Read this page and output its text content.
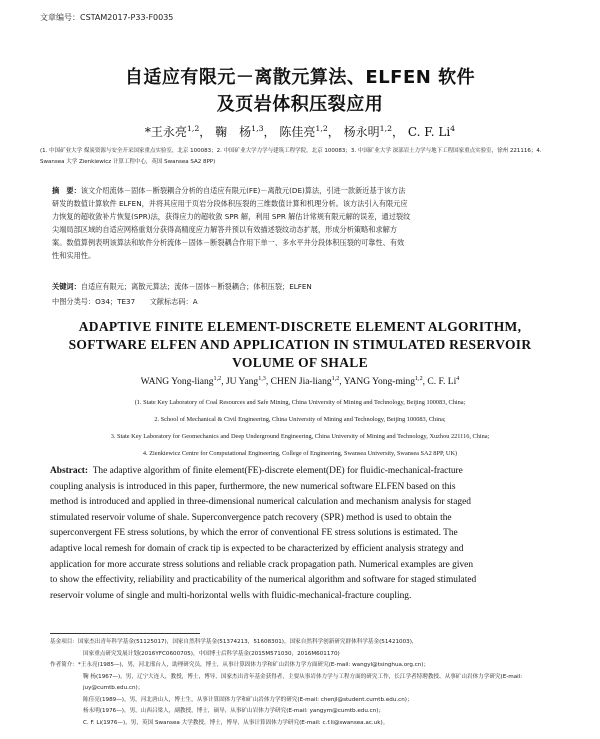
文章编号：CSTAM2017-P33-F0035
自适应有限元－离散元算法、ELFEN 软件
及页岩体积压裂应用
*王永亮$^{1,2}$， 鞠　杨$^{1,3}$， 陈佳亮$^{1,2}$， 杨永明$^{1,2}$， C. F. Li$^4$
(1. 中国矿业大学 煤炭资源与安全开采国家重点实验室，北京 100083；2. 中国矿业大学力学与建筑工程学院，北京 100083；3. 中国矿业大学 深部岩土力学与地下工程国家重点实验室，徐州 221116；4. Swansea 大学 Zienkiewicz 计算工程中心，英国 Swansea SA2 8PP)
摘　要：该文介绍流体－固体－断裂耦合分析的自适应有限元(FE)－离散元(DE)算法，引进一款新近基于该方法
研发的数值计算软件 ELFEN，并将其应用于页岩分段体积压裂的三维数值计算和机理分析。该方法引入有限元应
力恢复的超收敛补片恢复(SPR)法，获得应力的超收敛 SPR 解，利用 SPR 解估计常规有限元解的误差，通过裂纹
尖端局部区域的自适应网格重划分获得高精度应力解答并预以有效描述裂纹动态扩展，形成分析策略和求解方
案。数值算例表明该算法和软件分析流体－固体－断裂耦合作用下单一、多水平井分段体积压裂的可靠性、有效
性和实用性。
关键词：自适应有限元；离散元算法；流体－固体－断裂耦合；体积压裂；ELFEN
中图分类号：O34；TE37　　文献标志码：A
ADAPTIVE FINITE ELEMENT-DISCRETE ELEMENT ALGORITHM,
SOFTWARE ELFEN AND APPLICATION IN STIMULATED RESERVOIR
VOLUME OF SHALE
WANG Yong-liang$^{1,2}$, JU Yang$^{1,3}$, CHEN Jia-liang$^{1,2}$, YANG Yong-ming$^{1,2}$, C. F. Li$^4$
(1. State Key Laboratory of Coal Resources and Safe Mining, China University of Mining and Technology, Beijing 100083, China;
2. School of Mechanical & Civil Engineering, China University of Mining and Technology, Beijing 100083, China;
3. State Key Laboratory for Geomechanics and Deep Underground Engineering, China University of Mining and Technology, Xuzhou 221116, China;
4. Zienkiewicz Centre for Computational Engineering, College of Engineering, Swansea University, Swansea SA2 8PP, UK)
Abstract: The adaptive algorithm of finite element(FE)-discrete element(DE) for fluidic-mechanical-fracture
coupling analysis is introduced in this paper, furthermore, the new numerical software ELFEN based on this
method is introduced and applied in three-dimensional numerical calculation and mechanism analysis for staged
stimulated reservoir volume of shale. Superconvergence patch recovery (SPR) method is used to obtain the
superconvergent FE stress solutions, by which the error of conventional FE stress solutions is estimated. The
adaptive local remesh for domain of crack tip is expected to be characterized by efficient analysis strategy and
application for more accurate stress solutions and reliable crack propagation path. Numerical examples are given
to show the effectivity, reliability and practicability of the numerical algorithm and software for staged stimulated
reservoir volume of single and multi-horizontal wells with fluidic-mechanical-fracture coupling.
基金项目：国家杰出青年科学基金(51125017)，国家自然科学基金(51374213，51608301)，国家自然科学创新研究群体科学基金(51421003)，
国家重点研究发展计划(2016YFC0600705)，中国博士后科学基金(2015M571030，2016M601170)
作者简介：*王永亮(1985—)，男，河北邢台人，助理研究员，博士，从事计算固体力学和矿山岩体力学方面研究(E-mail: wangyl@tsinghua.org.cn)；
鞠 杨(1967—)，男，辽宁大连人，教授，博士，博导，国家杰出青年基金获得者，主要从事岩体力学与工程方面的研究工作，长江学者特聘教授、从事矿山岩体力学研究(E-mail: juy@cumtb.edu.cn)；
陈佳亮(1989—)，男，河北唐山人，博士生，从事计算固体力学和矿山岩体力学的研究(E-mail: chenjl@student.cumtb.edu.cn)；
杨永明(1976—)，男，山西吕梁人，副教授，博士，硕导，从事矿山岩体力学研究(E-mail: yangym@cumtb.edu.cn)；
C. F. Li(1976—)，男，英国 Swansea 大学教授，博士，博导，从事计算固体力学研究(E-mail: c.f.li@swansea.ac.uk)。
